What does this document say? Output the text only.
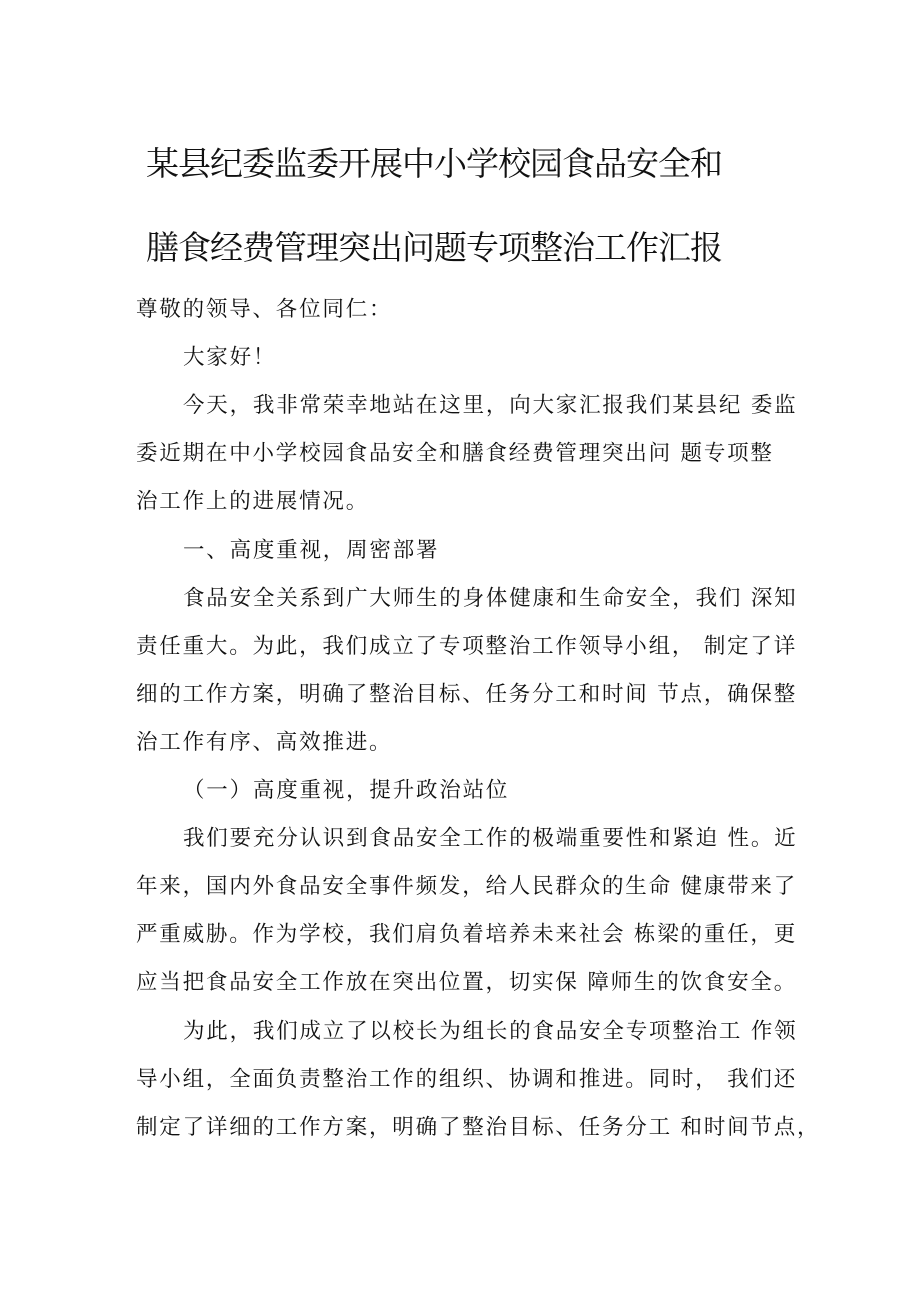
某县纪委监委开展中小学校园食品安全和
膳食经费管理突出问题专项整治工作汇报
尊敬的领导、各位同仁：
大家好！
今天，我非常荣幸地站在这里，向大家汇报我们某县纪 委监
委近期在中小学校园食品安全和膳食经费管理突出问 题专项整
治工作上的进展情况。
一、高度重视，周密部署
食品安全关系到广大师生的身体健康和生命安全，我们 深知
责任重大。为此，我们成立了专项整治工作领导小组， 制定了详
细的工作方案，明确了整治目标、任务分工和时间 节点，确保整
治工作有序、高效推进。
（一）高度重视，提升政治站位
我们要充分认识到食品安全工作的极端重要性和紧迫 性。近
年来，国内外食品安全事件频发，给人民群众的生命 健康带来了
严重威胁。作为学校，我们肩负着培养未来社会 栋梁的重任，更
应当把食品安全工作放在突出位置，切实保 障师生的饮食安全。
为此，我们成立了以校长为组长的食品安全专项整治工 作领
导小组，全面负责整治工作的组织、协调和推进。同时， 我们还
制定了详细的工作方案，明确了整治目标、任务分工 和时间节点，
